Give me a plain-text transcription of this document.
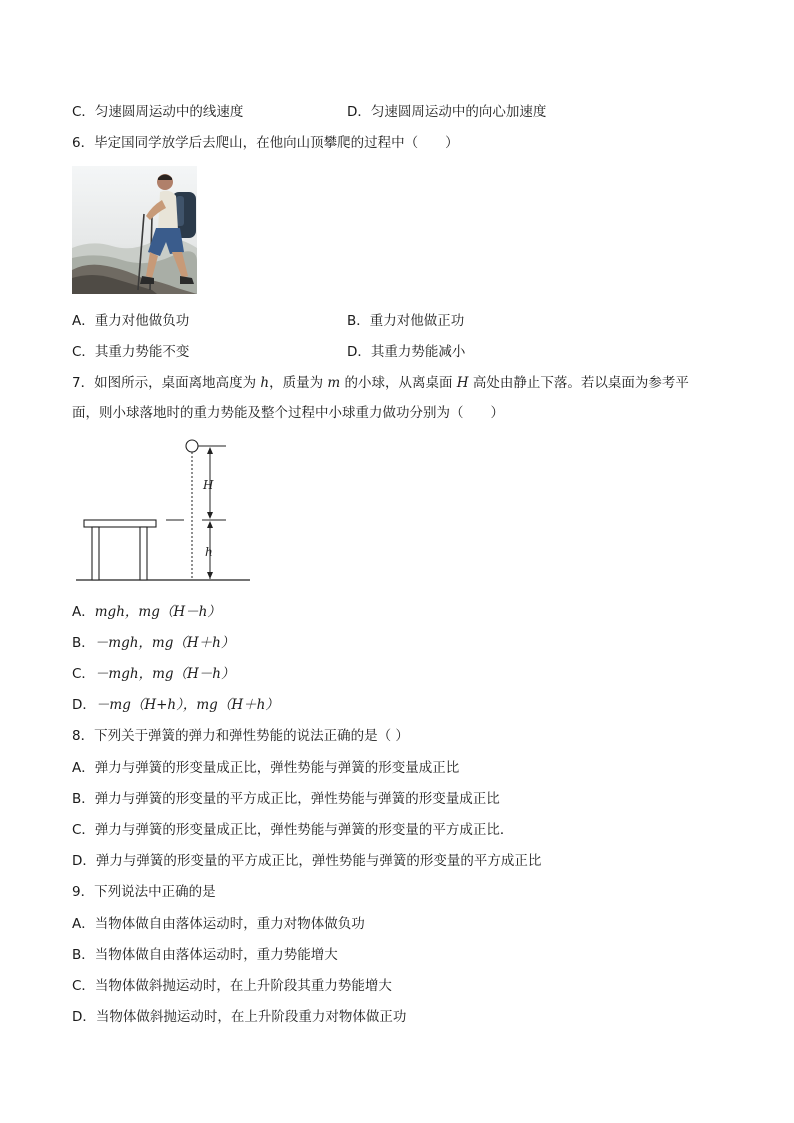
C．匀速圆周运动中的线速度	D．匀速圆周运动中的向心加速度
6．毕定国同学放学后去爬山，在他向山顶攀爬的过程中（　　）
A．重力对他做负功	B．重力对他做正功
C．其重力势能不变	D．其重力势能减小
7．如图所示，桌面离地高度为 h，质量为 m 的小球，从离桌面 H 高处由静止下落。若以桌面为参考平
面，则小球落地时的重力势能及整个过程中小球重力做功分别为（　　）
H
h
A．mgh，mg（H－h）
B．－mgh，mg（H＋h）
C．－mgh，mg（H－h）
D．－mg（H+h），mg（H＋h）
8．下列关于弹簧的弹力和弹性势能的说法正确的是（ ）
A．弹力与弹簧的形变量成正比，弹性势能与弹簧的形变量成正比
B．弹力与弹簧的形变量的平方成正比，弹性势能与弹簧的形变量成正比
C．弹力与弹簧的形变量成正比，弹性势能与弹簧的形变量的平方成正比．
D．弹力与弹簧的形变量的平方成正比，弹性势能与弹簧的形变量的平方成正比
9．下列说法中正确的是
A．当物体做自由落体运动时，重力对物体做负功
B．当物体做自由落体运动时，重力势能增大
C．当物体做斜抛运动时，在上升阶段其重力势能增大
D．当物体做斜抛运动时，在上升阶段重力对物体做正功
